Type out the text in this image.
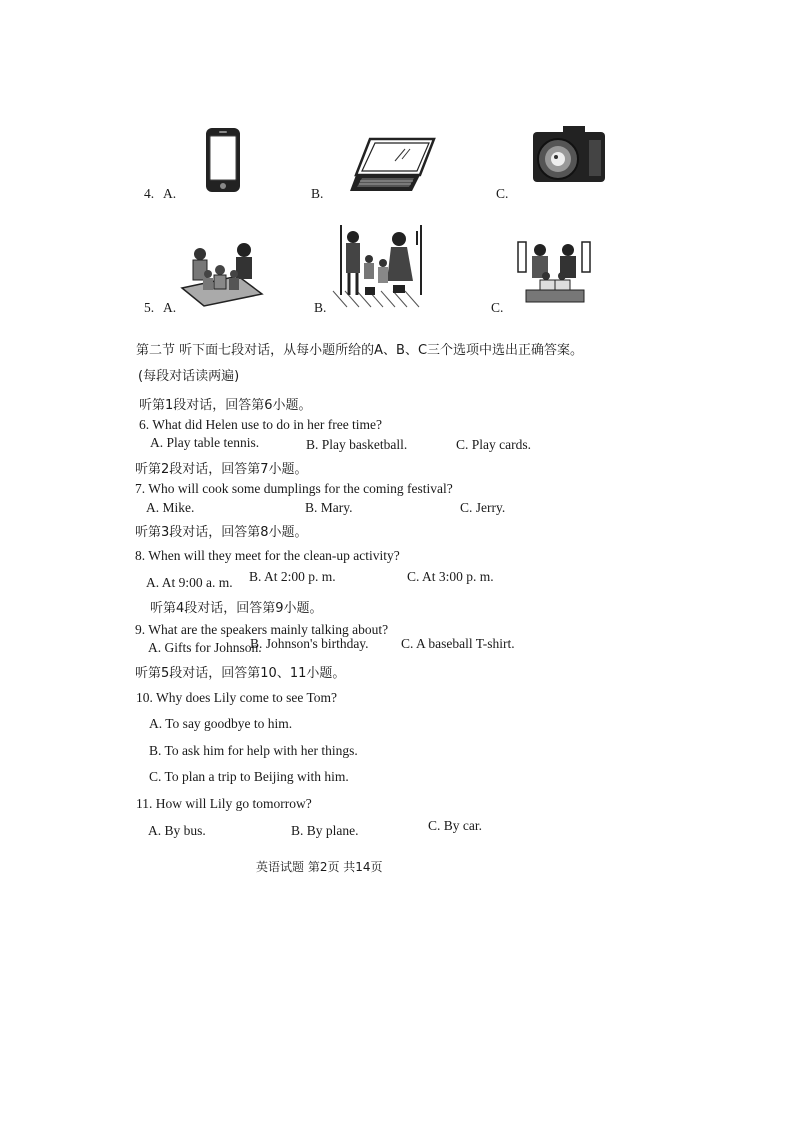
4. A.	B.	C.
5. A.	B.	C.
第二节 听下面七段对话，从每小题所给的A、B、C三个选项中选出正确答案。
(每段对话读两遍)
听第1段对话，回答第6小题。
6. What did Helen use to do in her free time?
A. Play table tennis.	B. Play basketball.	C. Play cards.
听第2段对话，回答第7小题。
7. Who will cook some dumplings for the coming festival?
A. Mike.	B. Mary.	C. Jerry.
听第3段对话，回答第8小题。
8. When will they meet for the clean-up activity?
A. At 9:00 a. m. B. At 2:00 p. m.	C. At 3:00 p. m.
听第4段对话，回答第9小题。
9. What are the speakers mainly talking about?
A. Gifts for Johnson.
B. Johnson's birthday. C. A baseball T-shirt.
听第5段对话，回答第10、11小题。
10. Why does Lily come to see Tom?
A. To say goodbye to him.
B. To ask him for help with her things.
C. To plan a trip to Beijing with him.
11. How will Lily go tomorrow?
A. By bus.	B. By plane.	C. By car.
英语试题 第2页 共14页
